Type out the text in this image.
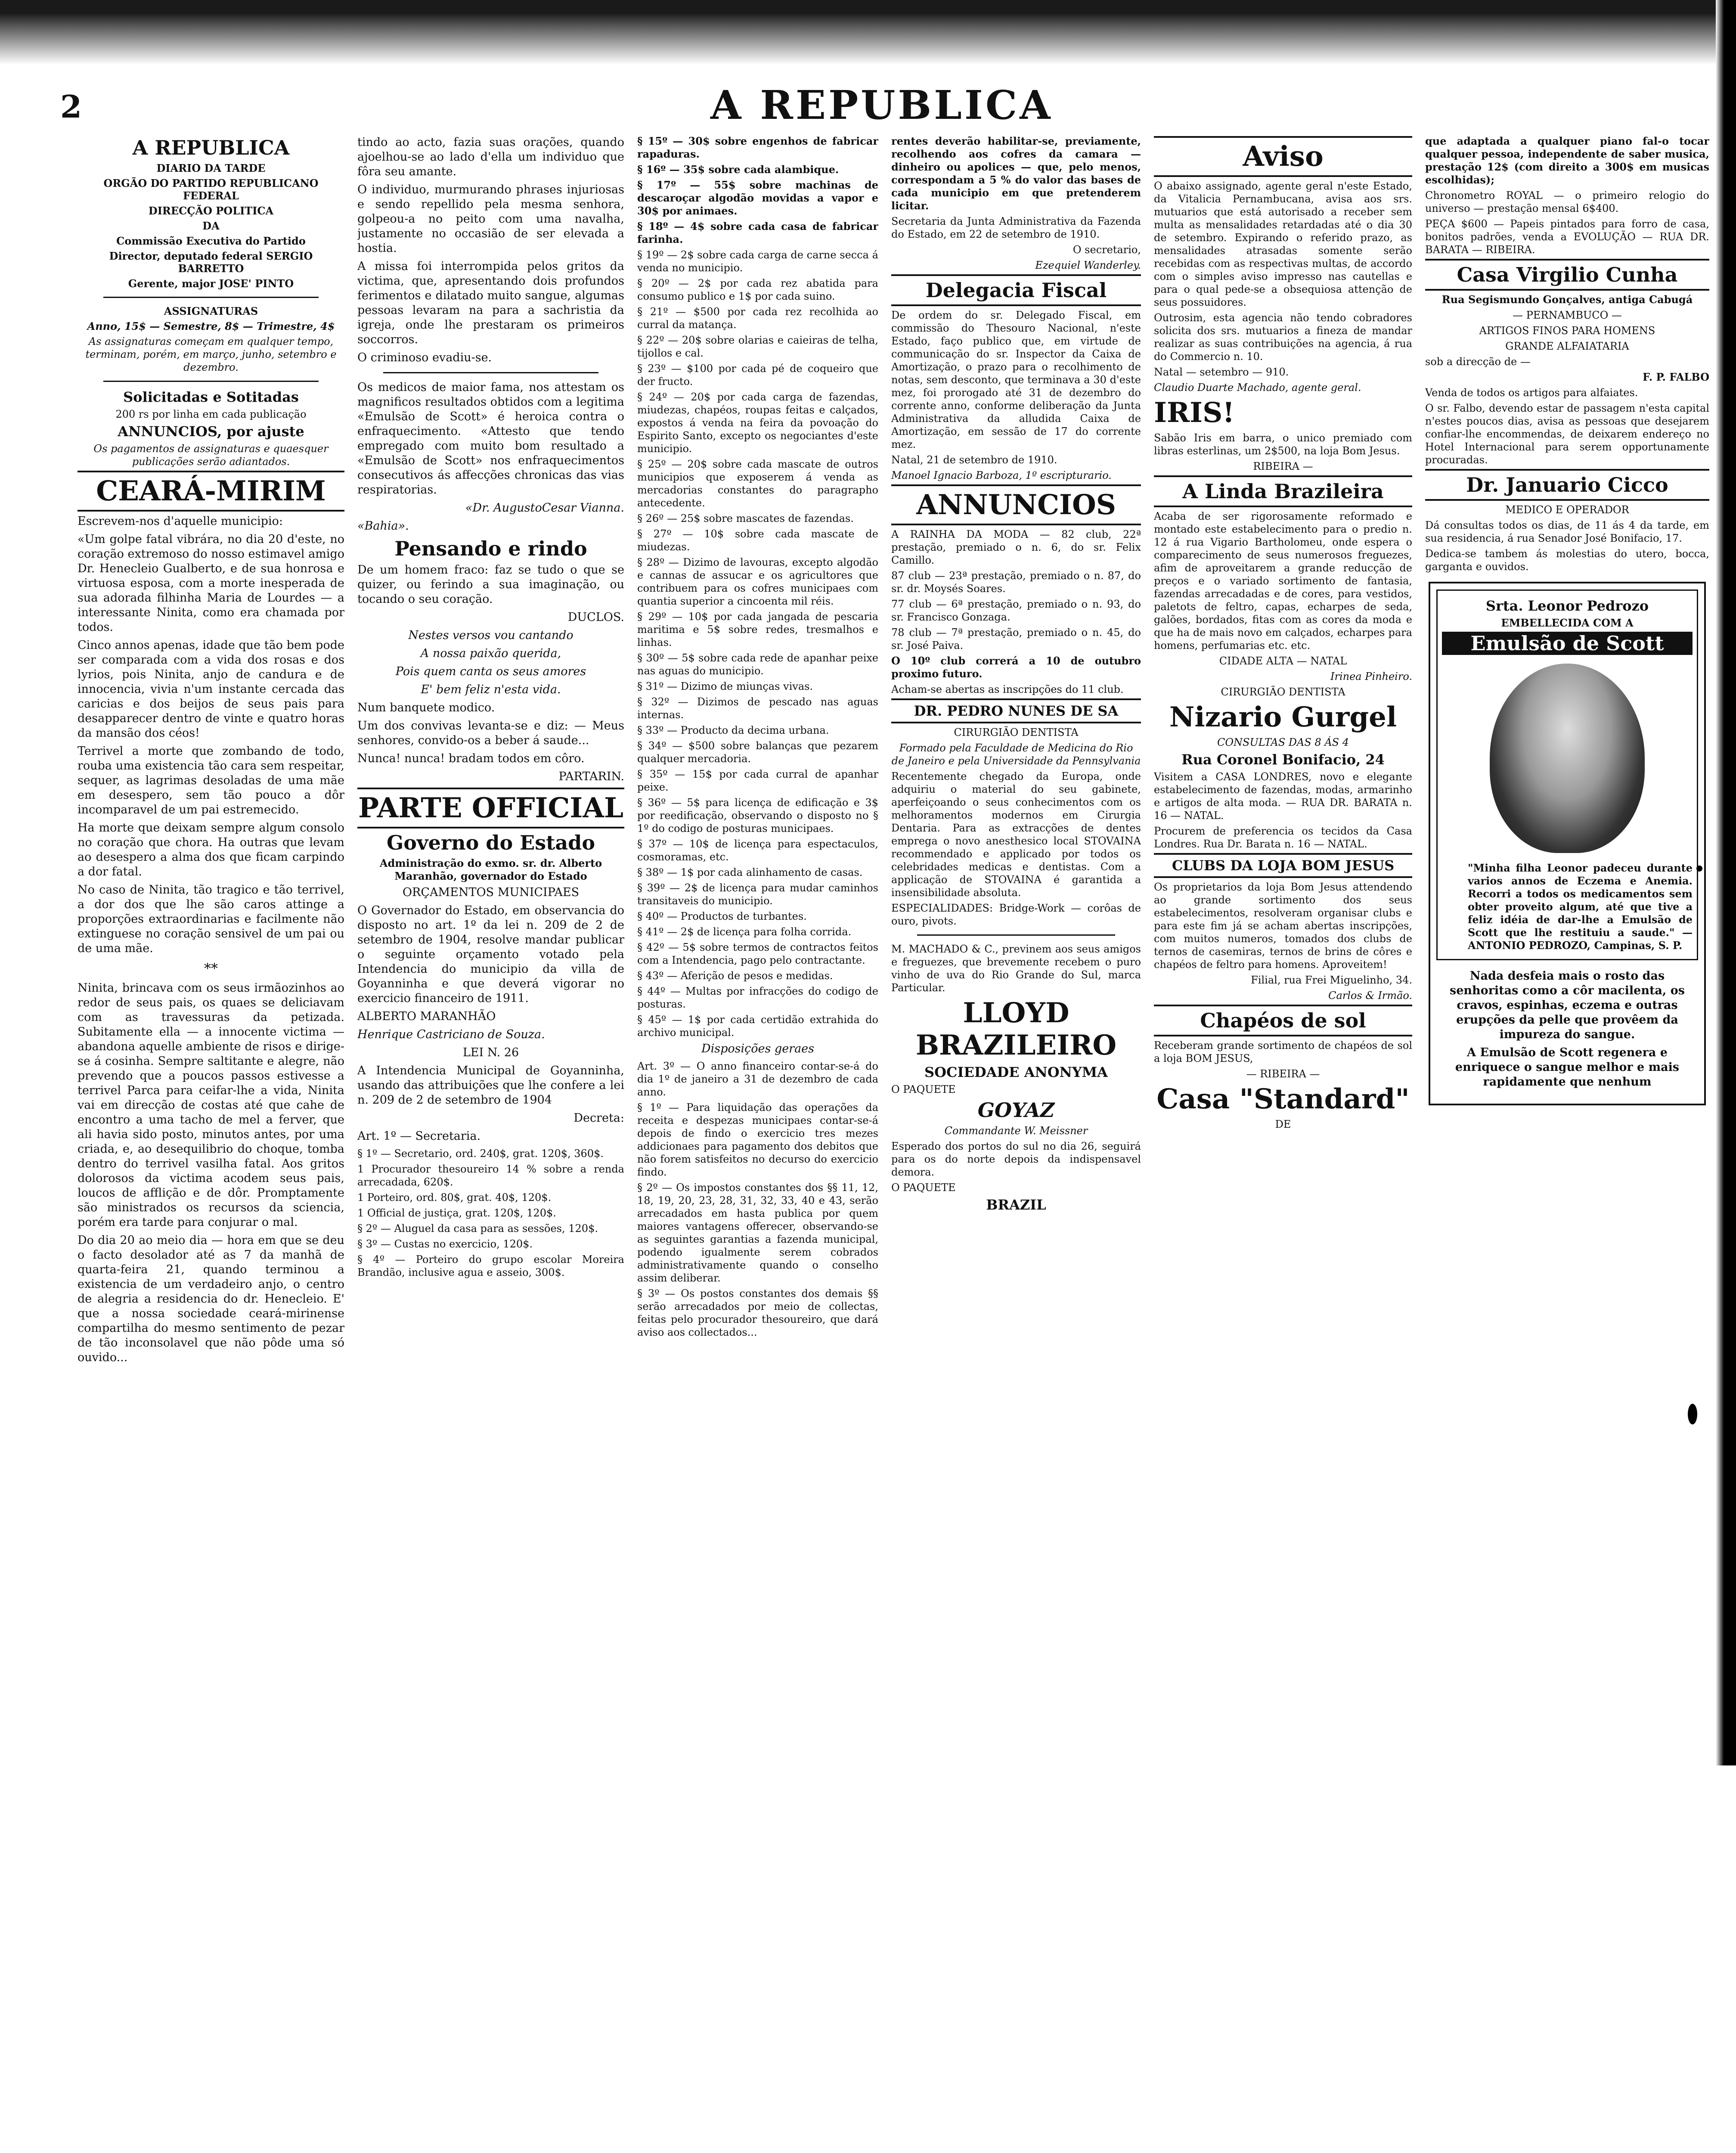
2	A REPUBLICA
A REPUBLICA
DIARIO DA TARDE
ORGÃO DO PARTIDO REPUBLICANO FEDERAL
DIRECÇÃO POLITICA
DA
Commissão Executiva do Partido
Director, deputado federal SERGIO BARRETTO
Gerente, major JOSE' PINTO
ASSIGNATURAS
Anno, 15$ — Semestre, 8$ — Trimestre, 4$
As assignaturas começam em qualquer tempo, terminam, porém, em março, junho, setembro e dezembro.
Solicitadas e Sotitadas
200 rs por linha em cada publicação
ANNUNCIOS, por ajuste
Os pagamentos de assignaturas e quaesquer publicações serão adiantados.
CEARÁ-MIRIM
Escrevem-nos d'aquelle municipio:
«Um golpe fatal vibrára, no dia 20 d'este, no coração extremoso do nosso estimavel amigo Dr. Henecleio Gualberto, e de sua honrosa e virtuosa esposa, com a morte inesperada de sua adorada filhinha Maria de Lourdes — a interessante Ninita, como era chamada por todos.
Cinco annos apenas, idade que tão bem pode ser comparada com a vida dos rosas e dos lyrios, pois Ninita, anjo de candura e de innocencia, vivia n'um instante cercada das caricias e dos beijos de seus pais para desapparecer dentro de vinte e quatro horas da mansão dos céos!
Terrivel a morte que zombando de todo, rouba uma existencia tão cara sem respeitar, sequer, as lagrimas desoladas de uma mãe em desespero, sem tão pouco a dôr incomparavel de um pai estremecido.
Ha morte que deixam sempre algum consolo no coração que chora. Ha outras que levam ao desespero a alma dos que ficam carpindo a dor fatal.
No caso de Ninita, tão tragico e tão terrivel, a dor dos que lhe são caros attinge a proporções extraordinarias e facilmente não extinguese no coração sensivel de um pai ou de uma mãe.
**
Ninita, brincava com os seus irmãozinhos ao redor de seus pais, os quaes se deliciavam com as travessuras da petizada. Subitamente ella — a innocente victima — abandona aquelle ambiente de risos e dirige-se á cosinha. Sempre saltitante e alegre, não prevendo que a poucos passos estivesse a terrivel Parca para ceifar-lhe a vida, Ninita vai em direcção de costas até que cahe de encontro a uma tacho de mel a ferver, que ali havia sido posto, minutos antes, por uma criada, e, ao desequilibrio do choque, tomba dentro do terrivel vasilha fatal. Aos gritos dolorosos da victima acodem seus pais, loucos de afflição e de dôr. Promptamente são ministrados os recursos da sciencia, porém era tarde para conjurar o mal.
Do dia 20 ao meio dia — hora em que se deu o facto desolador até as 7 da manhã de quarta-feira 21, quando terminou a existencia de um verdadeiro anjo, o centro de alegria a residencia do dr. Henecleio. E' que a nossa sociedade ceará-mirinense compartilha do mesmo sentimento de pezar de tão inconsolavel que não pôde uma só ouvido...
tindo ao acto, fazia suas orações, quando ajoelhou-se ao lado d'ella um individuo que fôra seu amante.
O individuo, murmurando phrases injuriosas e sendo repellido pela mesma senhora, golpeou-a no peito com uma navalha, justamente no occasião de ser elevada a hostia.
A missa foi interrompida pelos gritos da victima, que, apresentando dois profundos ferimentos e dilatado muito sangue, algumas pessoas levaram na para a sachristia da igreja, onde lhe prestaram os primeiros soccorros.
O criminoso evadiu-se.
Os medicos de maior fama, nos attestam os magnificos resultados obtidos com a legitima «Emulsão de Scott» é heroica contra o enfraquecimento. «Attesto que tendo empregado com muito bom resultado a «Emulsão de Scott» nos enfraquecimentos consecutivos ás affecções chronicas das vias respiratorias.
«Dr. AugustoCesar Vianna.
«Bahia».
Pensando e rindo
De um homem fraco: faz se tudo o que se quizer, ou ferindo a sua imaginação, ou tocando o seu coração.
DUCLOS.
Nestes versos vou cantando
A nossa paixão querida,
Pois quem canta os seus amores
E' bem feliz n'esta vida.
Num banquete modico.
Um dos convivas levanta-se e diz: — Meus senhores, convido-os a beber á saude...
Nunca! nunca! bradam todos em côro.
PARTARIN.
PARTE OFFICIAL
Governo do Estado
Administração do exmo. sr. dr. Alberto Maranhão, governador do Estado
ORÇAMENTOS MUNICIPAES
O Governador do Estado, em observancia do disposto no art. 1º da lei n. 209 de 2 de setembro de 1904, resolve mandar publicar o seguinte orçamento votado pela Intendencia do municipio da villa de Goyanninha e que deverá vigorar no exercicio financeiro de 1911.
ALBERTO MARANHÃO
Henrique Castriciano de Souza.
LEI N. 26
A Intendencia Municipal de Goyanninha, usando das attribuições que lhe confere a lei n. 209 de 2 de setembro de 1904
Decreta:
Art. 1º — Secretaria.
§ 1º — Secretario, ord. 240$, grat. 120$, 360$.
1 Procurador thesoureiro 14 % sobre a renda arrecadada, 620$.
1 Porteiro, ord. 80$, grat. 40$, 120$.
1 Official de justiça, grat. 120$, 120$.
§ 2º — Aluguel da casa para as sessões, 120$.
§ 3º — Custas no exercicio, 120$.
§ 4º — Porteiro do grupo escolar Moreira Brandão, inclusive agua e asseio, 300$.
§ 15º — 30$ sobre engenhos de fabricar rapaduras.
§ 16º — 35$ sobre cada alambique.
§ 17º — 55$ sobre machinas de descaroçar algodão movidas a vapor e 30$ por animaes.
§ 18º — 4$ sobre cada casa de fabricar farinha.
§ 19º — 2$ sobre cada carga de carne secca á venda no municipio.
§ 20º — 2$ por cada rez abatida para consumo publico e 1$ por cada suino.
§ 21º — $500 por cada rez recolhida ao curral da matança.
§ 22º — 20$ sobre olarias e caieiras de telha, tijollos e cal.
§ 23º — $100 por cada pé de coqueiro que der fructo.
§ 24º — 20$ por cada carga de fazendas, miudezas, chapéos, roupas feitas e calçados, expostos á venda na feira da povoação do Espirito Santo, excepto os negociantes d'este municipio.
§ 25º — 20$ sobre cada mascate de outros municipios que exposerem á venda as mercadorias constantes do paragrapho antecedente.
§ 26º — 25$ sobre mascates de fazendas.
§ 27º — 10$ sobre cada mascate de miudezas.
§ 28º — Dizimo de lavouras, excepto algodão e cannas de assucar e os agricultores que contribuem para os cofres municipaes com quantia superior a cincoenta mil réis.
§ 29º — 10$ por cada jangada de pescaria maritima e 5$ sobre redes, tresmalhos e linhas.
§ 30º — 5$ sobre cada rede de apanhar peixe nas aguas do municipio.
§ 31º — Dizimo de miunças vivas.
§ 32º — Dizimos de pescado nas aguas internas.
§ 33º — Producto da decima urbana.
§ 34º — $500 sobre balanças que pezarem qualquer mercadoria.
§ 35º — 15$ por cada curral de apanhar peixe.
§ 36º — 5$ para licença de edificação e 3$ por reedificação, observando o disposto no § 1º do codigo de posturas municipaes.
§ 37º — 10$ de licença para espectaculos, cosmoramas, etc.
§ 38º — 1$ por cada alinhamento de casas.
§ 39º — 2$ de licença para mudar caminhos transitaveis do municipio.
§ 40º — Productos de turbantes.
§ 41º — 2$ de licença para folha corrida.
§ 42º — 5$ sobre termos de contractos feitos com a Intendencia, pago pelo contractante.
§ 43º — Aferição de pesos e medidas.
§ 44º — Multas por infracções do codigo de posturas.
§ 45º — 1$ por cada certidão extrahida do archivo municipal.
Disposições geraes
Art. 3º — O anno financeiro contar-se-á do dia 1º de janeiro a 31 de dezembro de cada anno.
§ 1º — Para liquidação das operações da receita e despezas municipaes contar-se-á depois de findo o exercicio tres mezes addicionaes para pagamento dos debitos que não forem satisfeitos no decurso do exercicio findo.
§ 2º — Os impostos constantes dos §§ 11, 12, 18, 19, 20, 23, 28, 31, 32, 33, 40 e 43, serão arrecadados em hasta publica por quem maiores vantagens offerecer, observando-se as seguintes garantias a fazenda municipal, podendo igualmente serem cobrados administrativamente quando o conselho assim deliberar.
§ 3º — Os postos constantes dos demais §§ serão arrecadados por meio de collectas, feitas pelo procurador thesoureiro, que dará aviso aos collectados...
rentes deverão habilitar-se, previamente, recolhendo aos cofres da camara — dinheiro ou apolices — que, pelo menos, correspondam a 5 % do valor das bases de cada municipio em que pretenderem licitar.
Secretaria da Junta Administrativa da Fazenda do Estado, em 22 de setembro de 1910.
O secretario,
Ezequiel Wanderley.
Delegacia Fiscal
De ordem do sr. Delegado Fiscal, em commissão do Thesouro Nacional, n'este Estado, faço publico que, em virtude de communicação do sr. Inspector da Caixa de Amortização, o prazo para o recolhimento de notas, sem desconto, que terminava a 30 d'este mez, foi prorogado até 31 de dezembro do corrente anno, conforme deliberação da Junta Administrativa da alludida Caixa de Amortização, em sessão de 17 do corrente mez.
Natal, 21 de setembro de 1910.
Manoel Ignacio Barboza, 1º escripturario.
ANNUNCIOS
A RAINHA DA MODA — 82 club, 22ª prestação, premiado o n. 6, do sr. Felix Camillo.
87 club — 23ª prestação, premiado o n. 87, do sr. dr. Moysés Soares.
77 club — 6ª prestação, premiado o n. 93, do sr. Francisco Gonzaga.
78 club — 7ª prestação, premiado o n. 45, do sr. José Paiva.
O 10º club correrá a 10 de outubro proximo futuro.
Acham-se abertas as inscripções do 11 club.
DR. PEDRO NUNES DE SA
CIRURGIÃO DENTISTA
Formado pela Faculdade de Medicina do Rio de Janeiro e pela Universidade da Pennsylvania
Recentemente chegado da Europa, onde adquiriu o material do seu gabinete, aperfeiçoando o seus conhecimentos com os melhoramentos modernos em Cirurgia Dentaria. Para as extracções de dentes emprega o novo anesthesico local STOVAINA recommendado e applicado por todos os celebridades medicas e dentistas. Com a applicação de STOVAINA é garantida a insensibilidade absoluta.
ESPECIALIDADES: Bridge-Work — corôas de ouro, pivots.
M. MACHADO & C., previnem aos seus amigos e freguezes, que brevemente recebem o puro vinho de uva do Rio Grande do Sul, marca Particular.
LLOYD BRAZILEIRO
SOCIEDADE ANONYMA
O PAQUETE
GOYAZ
Commandante W. Meissner
Esperado dos portos do sul no dia 26, seguirá para os do norte depois da indispensavel demora.
O PAQUETE
BRAZIL
Aviso
O abaixo assignado, agente geral n'este Estado, da Vitalicia Pernambucana, avisa aos srs. mutuarios que está autorisado a receber sem multa as mensalidades retardadas até o dia 30 de setembro. Expirando o referido prazo, as mensalidades atrasadas somente serão recebidas com as respectivas multas, de accordo com o simples aviso impresso nas cautellas e para o qual pede-se a obsequiosa attenção de seus possuidores.
Outrosim, esta agencia não tendo cobradores solicita dos srs. mutuarios a fineza de mandar realizar as suas contribuições na agencia, á rua do Commercio n. 10.
Natal — setembro — 910.
Claudio Duarte Machado, agente geral.
IRIS!
Sabão Iris em barra, o unico premiado com libras esterlinas, um 2$500, na loja Bom Jesus.
RIBEIRA —
A Linda Brazileira
Acaba de ser rigorosamente reformado e montado este estabelecimento para o predio n. 12 á rua Vigario Bartholomeu, onde espera o comparecimento de seus numerosos freguezes, afim de aproveitarem a grande reducção de preços e o variado sortimento de fantasia, fazendas arrecadadas e de cores, para vestidos, paletots de feltro, capas, echarpes de seda, galões, bordados, fitas com as cores da moda e que ha de mais novo em calçados, echarpes para homens, perfumarias etc. etc.
CIDADE ALTA — NATAL
Irinea Pinheiro.
CIRURGIÃO DENTISTA
Nizario Gurgel
CONSULTAS DAS 8 ÁS 4
Rua Coronel Bonifacio, 24
Visitem a CASA LONDRES, novo e elegante estabelecimento de fazendas, modas, armarinho e artigos de alta moda. — RUA DR. BARATA n. 16 — NATAL.
Procurem de preferencia os tecidos da Casa Londres. Rua Dr. Barata n. 16 — NATAL.
CLUBS DA LOJA BOM JESUS
Os proprietarios da loja Bom Jesus attendendo ao grande sortimento dos seus estabelecimentos, resolveram organisar clubs e para este fim já se acham abertas inscripções, com muitos numeros, tomados dos clubs de ternos de casemiras, ternos de brins de côres e chapéos de feltro para homens. Aproveitem!
Filial, rua Frei Miguelinho, 34.
Carlos & Irmão.
Chapéos de sol
Receberam grande sortimento de chapéos de sol a loja BOM JESUS,
— RIBEIRA —
Casa "Standard"
DE
que adaptada a qualquer piano fal-o tocar qualquer pessoa, independente de saber musica, prestação 12$ (com direito a 300$ em musicas escolhidas);
Chronometro ROYAL — o primeiro relogio do universo — prestação mensal 6$400.
PEÇA $600 — Papeis pintados para forro de casa, bonitos padrões, venda a EVOLUÇÃO — RUA DR. BARATA — RIBEIRA.
Casa Virgilio Cunha
Rua Segismundo Gonçalves, antiga Cabugá
— PERNAMBUCO —
ARTIGOS FINOS PARA HOMENS
GRANDE ALFAIATARIA
sob a direcção de —
F. P. FALBO
Venda de todos os artigos para alfaiates.
O sr. Falbo, devendo estar de passagem n'esta capital n'estes poucos dias, avisa as pessoas que desejarem confiar-lhe encommendas, de deixarem endereço no Hotel Internacional para serem opportunamente procuradas.
Dr. Januario Cicco
MEDICO E OPERADOR
Dá consultas todos os dias, de 11 ás 4 da tarde, em sua residencia, á rua Senador José Bonifacio, 17.
Dedica-se tambem ás molestias do utero, bocca, garganta e ouvidos.
Srta. Leonor Pedrozo
EMBELLECIDA COM A
Emulsão de Scott
"Minha filha Leonor padeceu durante varios annos de Eczema e Anemia. Recorri a todos os medicamentos sem obter proveito algum, até que tive a feliz idéia de dar-lhe a Emulsão de Scott que lhe restituiu a saude." — ANTONIO PEDROZO, Campinas, S. P.
Nada desfeia mais o rosto das senhoritas como a côr macilenta, os cravos, espinhas, eczema e outras erupções da pelle que provêem da impureza do sangue.
A Emulsão de Scott regenera e enriquece o sangue melhor e mais rapidamente que nenhum
